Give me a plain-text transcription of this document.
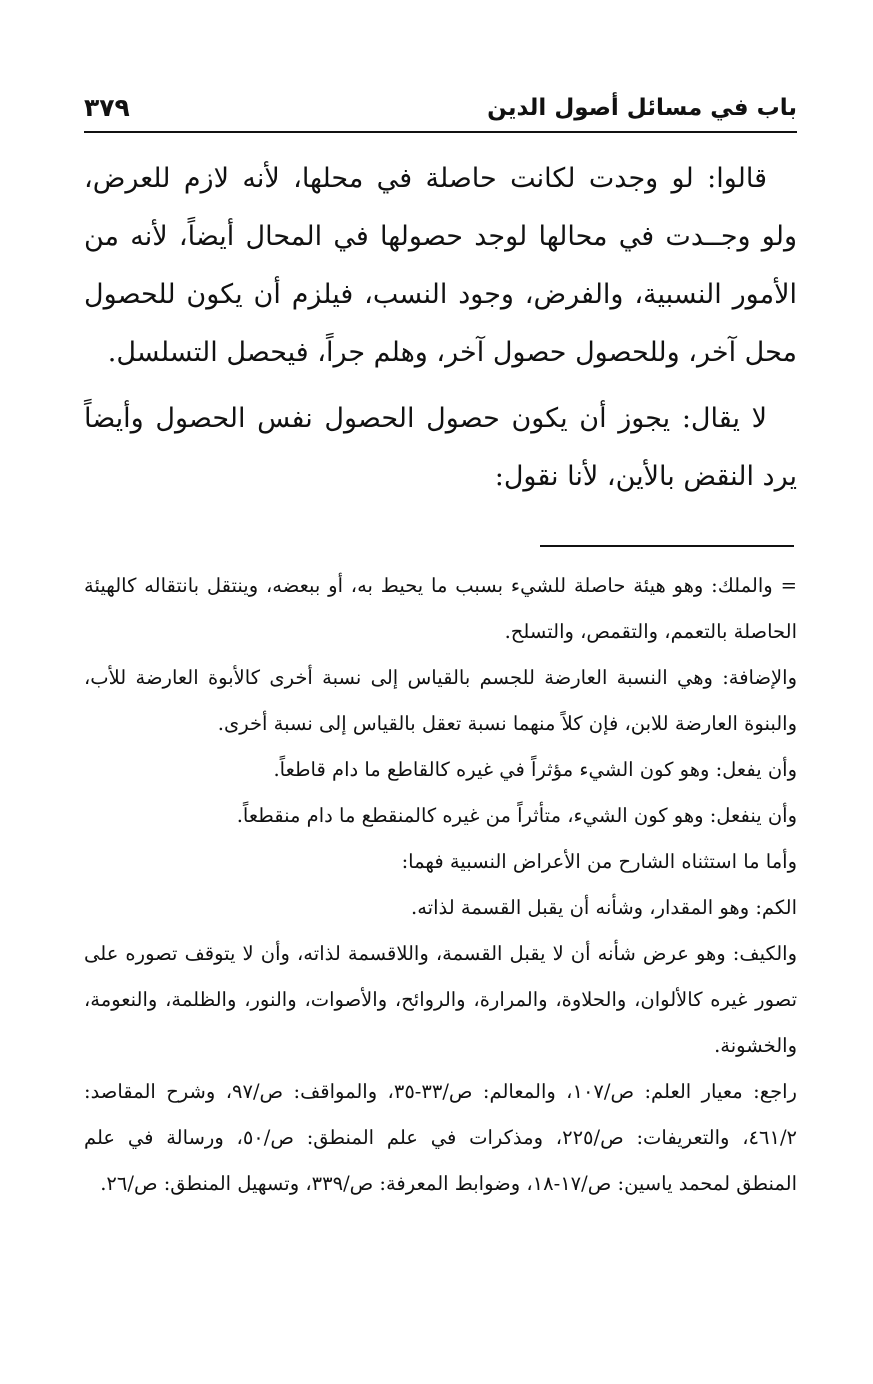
باب في مسائل أصول الدين
٣٧٩

قالوا: لو وجدت لكانت حاصلة في محلها، لأنه لازم للعرض، ولو وجــدت في محالها لوجد حصولها في المحال أيضاً، لأنه من الأمور النسبية، والفرض، وجود النسب، فيلزم أن يكون للحصول محل آخر، وللحصول حصول آخر، وهلم جراً، فيحصل التسلسل.

لا يقال: يجوز أن يكون حصول الحصول نفس الحصول وأيضاً يرد النقض بالأين، لأنا نقول:

=والملك: وهو هيئة حاصلة للشيء بسبب ما يحيط به، أو ببعضه، وينتقل بانتقاله كالهيئة الحاصلة بالتعمم، والتقمص، والتسلح.

والإضافة: وهي النسبة العارضة للجسم بالقياس إلى نسبة أخرى كالأبوة العارضة للأب، والبنوة العارضة للابن، فإن كلاً منهما نسبة تعقل بالقياس إلى نسبة أخرى.

وأن يفعل: وهو كون الشيء مؤثراً في غيره كالقاطع ما دام قاطعاً.

وأن ينفعل: وهو كون الشيء، متأثراً من غيره كالمنقطع ما دام منقطعاً.

وأما ما استثناه الشارح من الأعراض النسبية فهما:

الكم: وهو المقدار، وشأنه أن يقبل القسمة لذاته.

والكيف: وهو عرض شأنه أن لا يقبل القسمة، واللاقسمة لذاته، وأن لا يتوقف تصوره على تصور غيره كالألوان، والحلاوة، والمرارة، والروائح، والأصوات، والنور، والظلمة، والنعومة، والخشونة.

راجع: معيار العلم: ص/١٠٧، والمعالم: ص/٣٣-٣٥، والمواقف: ص/٩٧، وشرح المقاصد: ٤٦١/٢، والتعريفات: ص/٢٢٥، ومذكرات في علم المنطق: ص/٥٠، ورسالة في علم المنطق لمحمد ياسين: ص/١٧-١٨، وضوابط المعرفة: ص/٣٣٩، وتسهيل المنطق: ص/٢٦.
